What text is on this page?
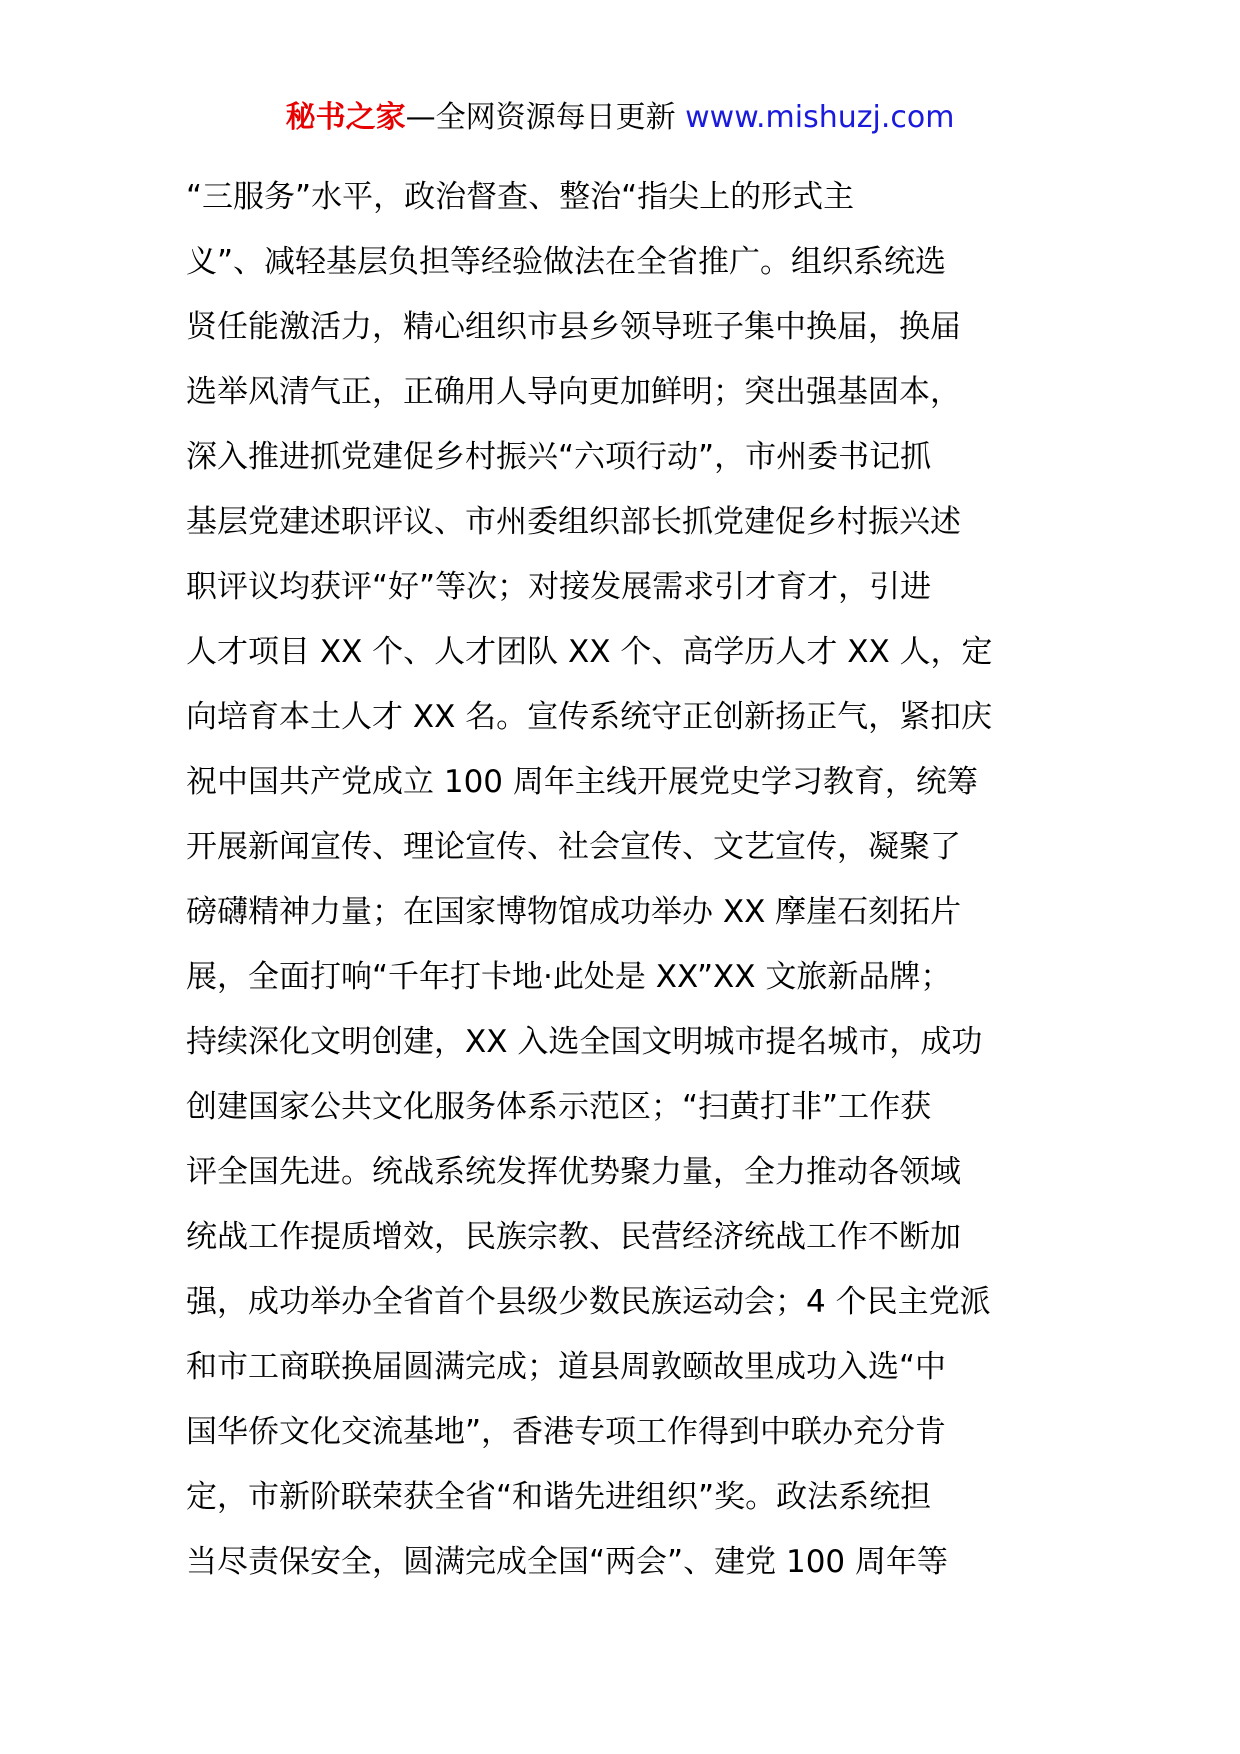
秘书之家—全网资源每日更新 www.mishuzj.com
“三服务”水平，政治督查、整治“指尖上的形式主
义”、减轻基层负担等经验做法在全省推广。组织系统选
贤任能激活力，精心组织市县乡领导班子集中换届，换届
选举风清气正，正确用人导向更加鲜明；突出强基固本，
深入推进抓党建促乡村振兴“六项行动”，市州委书记抓
基层党建述职评议、市州委组织部长抓党建促乡村振兴述
职评议均获评“好”等次；对接发展需求引才育才，引进
人才项目 XX 个、人才团队 XX 个、高学历人才 XX 人，定
向培育本土人才 XX 名。宣传系统守正创新扬正气，紧扣庆
祝中国共产党成立 100 周年主线开展党史学习教育，统筹
开展新闻宣传、理论宣传、社会宣传、文艺宣传，凝聚了
磅礴精神力量；在国家博物馆成功举办 XX 摩崖石刻拓片
展，全面打响“千年打卡地·此处是 XX”XX 文旅新品牌；
持续深化文明创建，XX 入选全国文明城市提名城市，成功
创建国家公共文化服务体系示范区；“扫黄打非”工作获
评全国先进。统战系统发挥优势聚力量，全力推动各领域
统战工作提质增效，民族宗教、民营经济统战工作不断加
强，成功举办全省首个县级少数民族运动会；4 个民主党派
和市工商联换届圆满完成；道县周敦颐故里成功入选“中
国华侨文化交流基地”，香港专项工作得到中联办充分肯
定，市新阶联荣获全省“和谐先进组织”奖。政法系统担
当尽责保安全，圆满完成全国“两会”、建党 100 周年等
